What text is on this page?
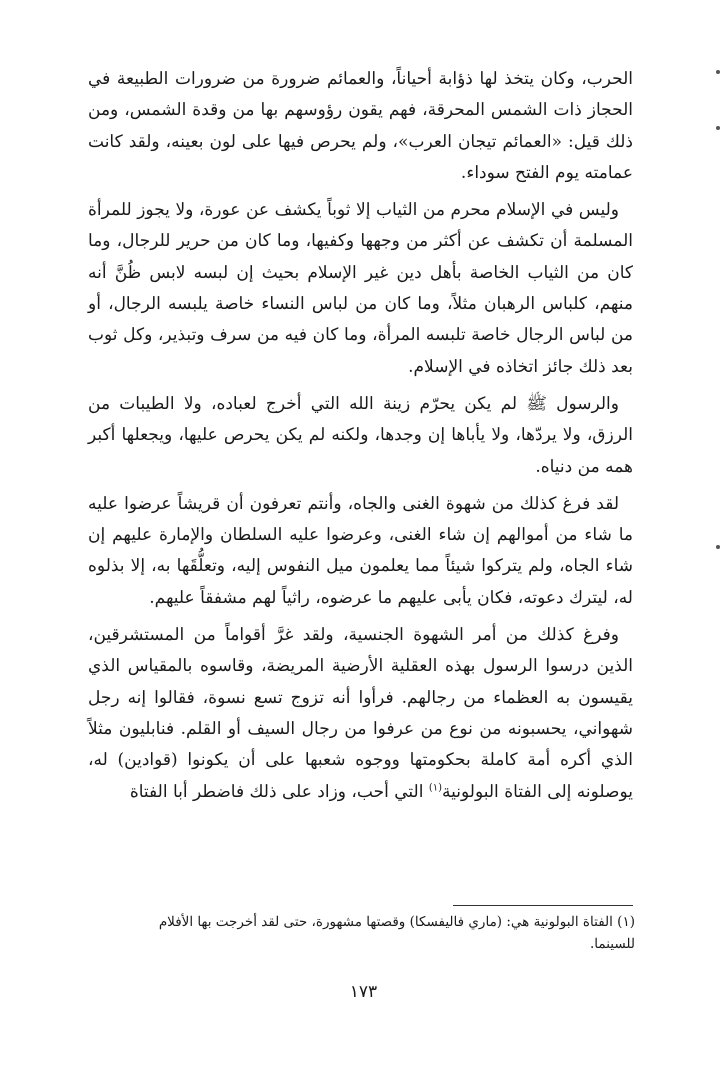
الحرب، وكان يتخذ لها ذؤابة أحياناً، والعمائم ضرورة من ضرورات الطبيعة في الحجاز ذات الشمس المحرقة، فهم يقون رؤوسهم بها من وقدة الشمس، ومن ذلك قيل: «العمائم تيجان العرب»، ولم يحرص فيها على لون بعينه، ولقد كانت عمامته يوم الفتح سوداء.

وليس في الإسلام محرم من الثياب إلا ثوباً يكشف عن عورة، ولا يجوز للمرأة المسلمة أن تكشف عن أكثر من وجهها وكفيها، وما كان من حرير للرجال، وما كان من الثياب الخاصة بأهل دين غير الإسلام بحيث إن لبسه لابس ظُنَّ أنه منهم، كلباس الرهبان مثلاً، وما كان من لباس النساء خاصة يلبسه الرجال، أو من لباس الرجال خاصة تلبسه المرأة، وما كان فيه من سرف وتبذير، وكل ثوب بعد ذلك جائز اتخاذه في الإسلام.

والرسول ﷺ لم يكن يحرّم زينة الله التي أخرج لعباده، ولا الطيبات من الرزق، ولا يردّها، ولا يأباها إن وجدها، ولكنه لم يكن يحرص عليها، ويجعلها أكبر همه من دنياه.

لقد فرغ كذلك من شهوة الغنى والجاه، وأنتم تعرفون أن قريشاً عرضوا عليه ما شاء من أموالهم إن شاء الغنى، وعرضوا عليه السلطان والإمارة عليهم إن شاء الجاه، ولم يتركوا شيئاً مما يعلمون ميل النفوس إليه، وتعلُّقَها به، إلا بذلوه له، ليترك دعوته، فكان يأبى عليهم ما عرضوه، راثياً لهم مشفقاً عليهم.

وفرغ كذلك من أمر الشهوة الجنسية، ولقد غرَّ أقواماً من المستشرقين، الذين درسوا الرسول بهذه العقلية الأرضية المريضة، وقاسوه بالمقياس الذي يقيسون به العظماء من رجالهم. فرأوا أنه تزوج تسع نسوة، فقالوا إنه رجل شهواني، يحسبونه من نوع من عرفوا من رجال السيف أو القلم. فنابليون مثلاً الذي أكره أمة كاملة بحكومتها ووجوه شعبها على أن يكونوا (قوادين) له، يوصلونه إلى الفتاة البولونية$^{(١)}$ التي أحب، وزاد على ذلك فاضطر أبا الفتاة

(١) الفتاة البولونية هي: (ماري فاليفسكا) وقصتها مشهورة، حتى لقد أخرجت بها الأفلام للسينما.

١٧٣
